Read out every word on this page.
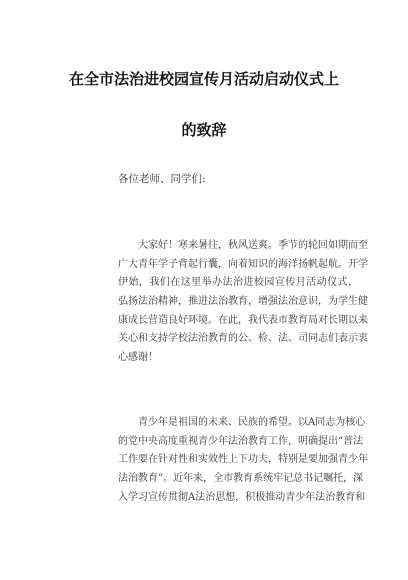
在全市法治进校园宣传月活动启动仪式上
的致辞
各位老师、同学们:
大家好！寒来暑往，秋风送爽。季节的轮回如期而至
广大青年学子背起行囊，向着知识的海洋扬帆起航。开学
伊始，我们在这里举办法治进校园宣传月活动仪式，
弘扬法治精神，推进法治教育，增强法治意识，为学生健
康成长营造良好环境。在此，我代表市教育局对长期以来
关心和支持学校法治教育的公、检、法、司同志们表示衷
心感谢！
青少年是祖国的未来、民族的希望。以A同志为核心
的党中央高度重视青少年法治教育工作，明确提出“普法
工作要在针对性和实效性上下功夫，特别是要加强青少年
法治教育”。近年来，全市教育系统牢记总书记嘱托，深
入学习宣传贯彻A法治思想，积极推动青少年法治教育和
